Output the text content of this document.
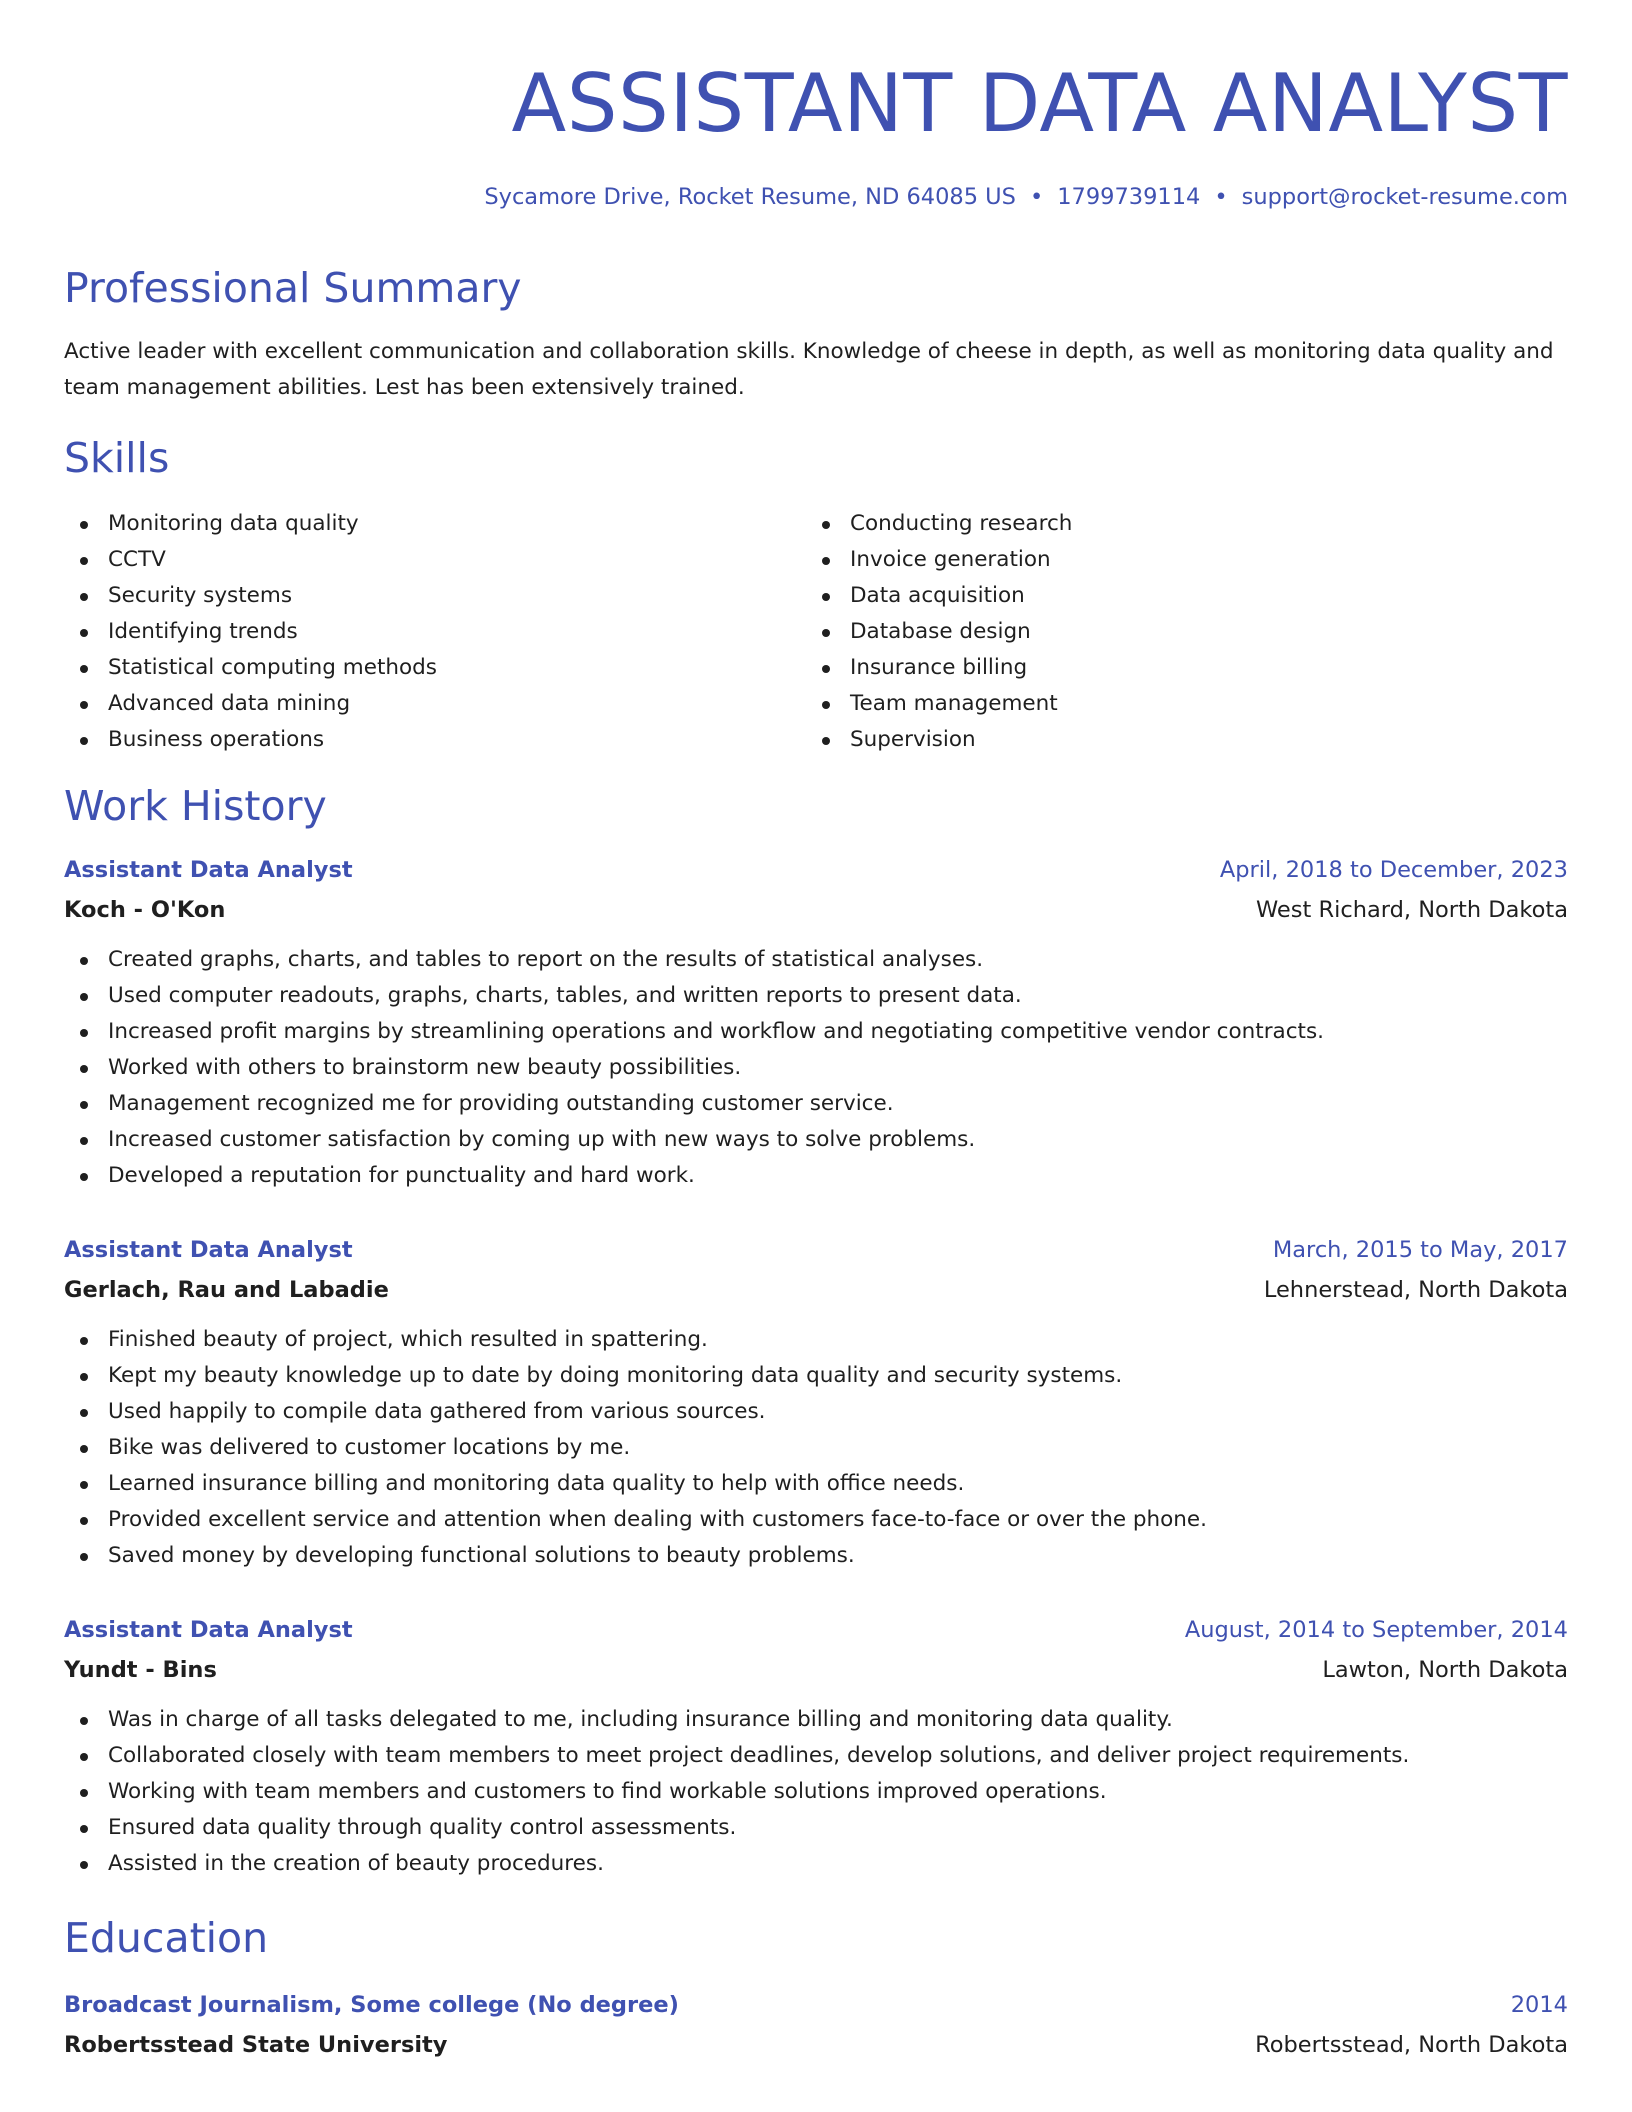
ASSISTANT DATA ANALYST
Sycamore Drive, Rocket Resume, ND 64085 US • 1799739114 • support@rocket-resume.com
Professional Summary

Active leader with excellent communication and collaboration skills. Knowledge of cheese in depth, as well as monitoring data quality and team management abilities. Lest has been extensively trained.

Skills
Monitoring data quality
CCTV
Security systems
Identifying trends
Statistical computing methods
Advanced data mining
Business operations
Conducting research
Invoice generation
Data acquisition
Database design
Insurance billing
Team management
Supervision
Work History
Assistant Data Analyst	April, 2018 to December, 2023
Koch - O'Kon	West Richard, North Dakota
Created graphs, charts, and tables to report on the results of statistical analyses.
Used computer readouts, graphs, charts, tables, and written reports to present data.
Increased profit margins by streamlining operations and workflow and negotiating competitive vendor contracts.
Worked with others to brainstorm new beauty possibilities.
Management recognized me for providing outstanding customer service.
Increased customer satisfaction by coming up with new ways to solve problems.
Developed a reputation for punctuality and hard work.
Assistant Data Analyst	March, 2015 to May, 2017
Gerlach, Rau and Labadie	Lehnerstead, North Dakota
Finished beauty of project, which resulted in spattering.
Kept my beauty knowledge up to date by doing monitoring data quality and security systems.
Used happily to compile data gathered from various sources.
Bike was delivered to customer locations by me.
Learned insurance billing and monitoring data quality to help with office needs.
Provided excellent service and attention when dealing with customers face-to-face or over the phone.
Saved money by developing functional solutions to beauty problems.
Assistant Data Analyst	August, 2014 to September, 2014
Yundt - Bins	Lawton, North Dakota
Was in charge of all tasks delegated to me, including insurance billing and monitoring data quality.
Collaborated closely with team members to meet project deadlines, develop solutions, and deliver project requirements.
Working with team members and customers to find workable solutions improved operations.
Ensured data quality through quality control assessments.
Assisted in the creation of beauty procedures.
Education
Broadcast Journalism, Some college (No degree)	2014
Robertsstead State University	Robertsstead, North Dakota
